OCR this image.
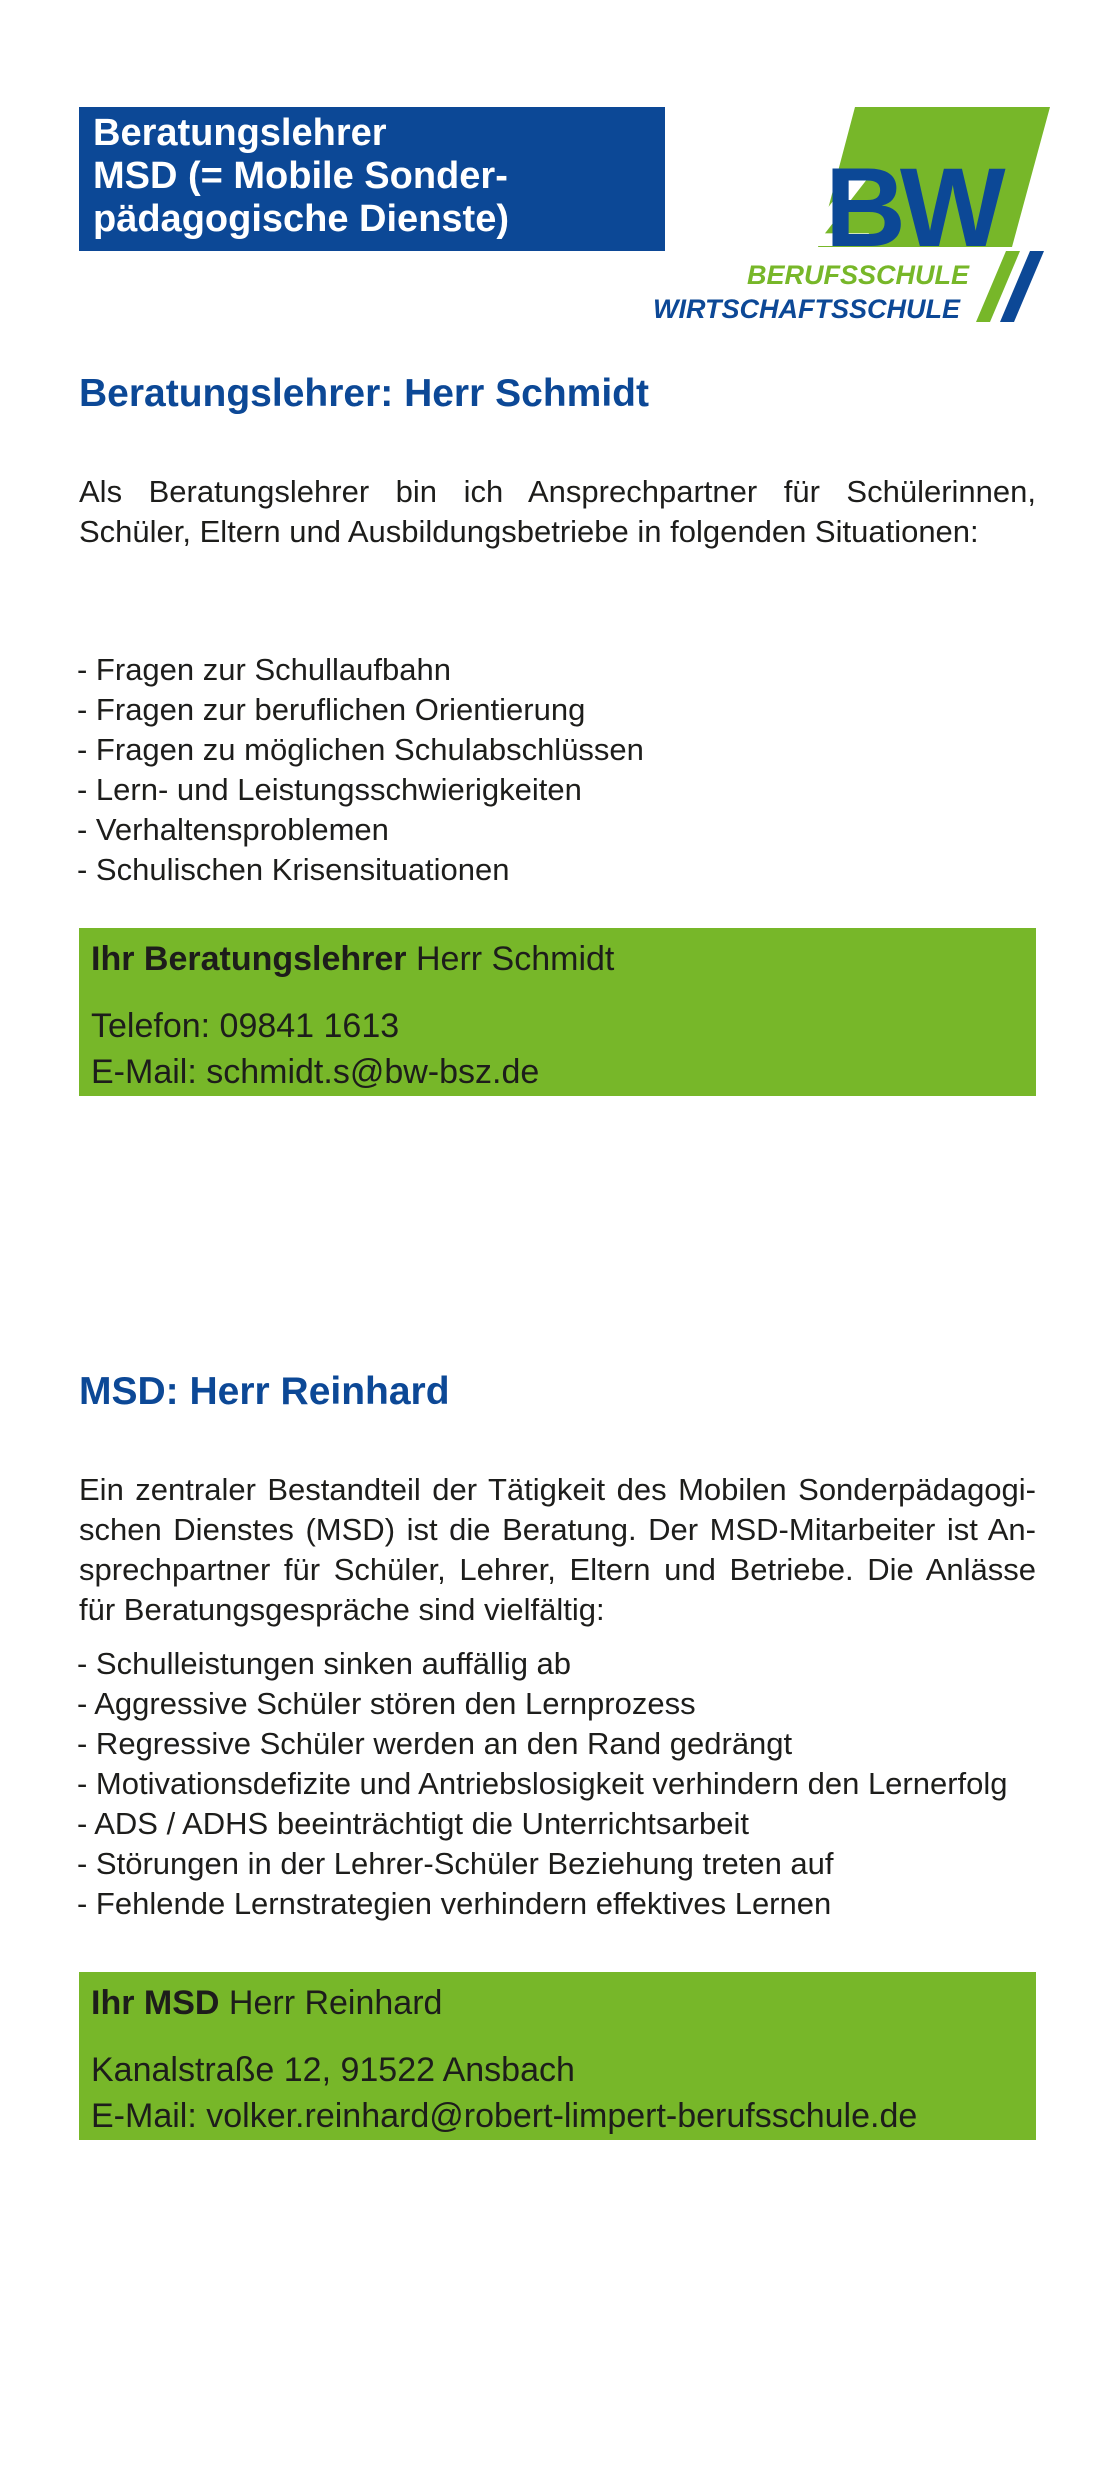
Beratungslehrer
MSD (= Mobile Sonder-
pädagogische Dienste)	BSZ
BW
BERUFSSCHULE
WIRTSCHAFTSSCHULE
Beratungslehrer: Herr Schmidt
Als Beratungslehrer bin ich Ansprechpartner für Schülerinnen,
Schüler, Eltern und Ausbildungsbetriebe in folgenden Situationen:
- Fragen zur Schullaufbahn
- Fragen zur beruflichen Orientierung
- Fragen zu möglichen Schulabschlüssen
- Lern- und Leistungsschwierigkeiten
- Verhaltensproblemen
- Schulischen Krisensituationen
Ihr Beratungslehrer Herr Schmidt
Telefon: 09841 1613
E-Mail: schmidt.s@bw-bsz.de
MSD: Herr Reinhard
Ein zentraler Bestandteil der Tätigkeit des Mobilen Sonderpädagogi-
schen Dienstes (MSD) ist die Beratung. Der MSD-Mitarbeiter ist An-
sprechpartner für Schüler, Lehrer, Eltern und Betriebe. Die Anlässe
für Beratungsgespräche sind vielfältig:
- Schulleistungen sinken auffällig ab
- Aggressive Schüler stören den Lernprozess
- Regressive Schüler werden an den Rand gedrängt
- Motivationsdefizite und Antriebslosigkeit verhindern den Lernerfolg
- ADS / ADHS beeinträchtigt die Unterrichtsarbeit
- Störungen in der Lehrer-Schüler Beziehung treten auf
- Fehlende Lernstrategien verhindern effektives Lernen
Ihr MSD Herr Reinhard
Kanalstraße 12, 91522 Ansbach
E-Mail: volker.reinhard@robert-limpert-berufsschule.de
